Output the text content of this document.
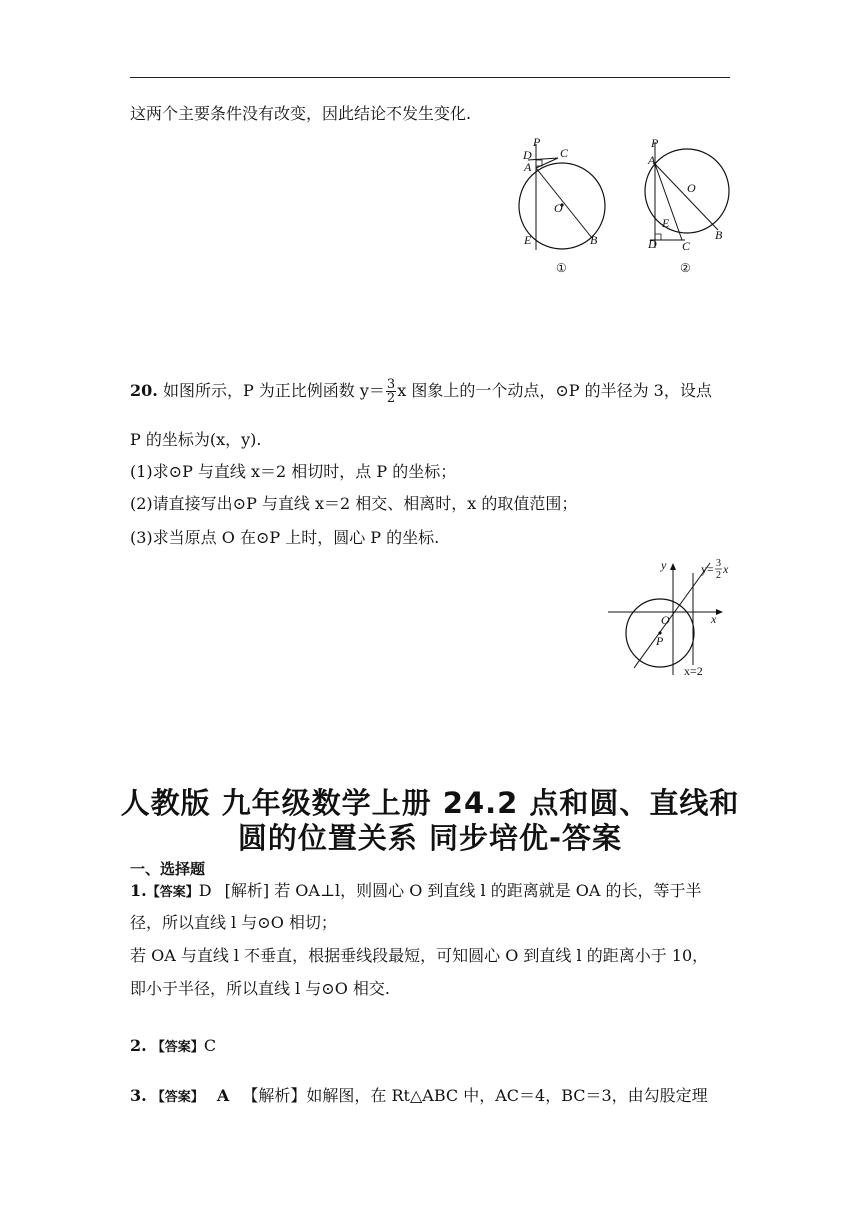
这两个主要条件没有改变，因此结论不发生变化.
P
D C
A
O
E	B
①
P
A
O
E
D C
B
②
20. 如图所示，P 为正比例函数 $y= \frac{3}{2}$ x 图象上的一个动点，⊙P 的半径为 3，设点
P 的坐标为(x，y).
(1)求⊙P 与直线 x＝2 相切时，点 P 的坐标；
(2)请直接写出⊙P 与直线 x＝2 相交、相离时，x 的取值范围；
(3)求当原点 O 在⊙P 上时，圆心 P 的坐标.
y
x
O
P
y= 3
2 x
x=2
人教版 九年级数学上册 24.2 点和圆、直线和
圆的位置关系 同步培优-答案
一、选择题
1.【答案】D [解析] 若 OA⊥l，则圆心 O 到直线 l 的距离就是 OA 的长，等于半
径，所以直线 l 与⊙O 相切；
若 OA 与直线 l 不垂直，根据垂线段最短，可知圆心 O 到直线 l 的距离小于 10，
即小于半径，所以直线 l 与⊙O 相交.
2. 【答案】C
3. 【答案】 A 【解析】如解图，在 Rt△ABC 中，AC＝4，BC＝3，由勾股定理
